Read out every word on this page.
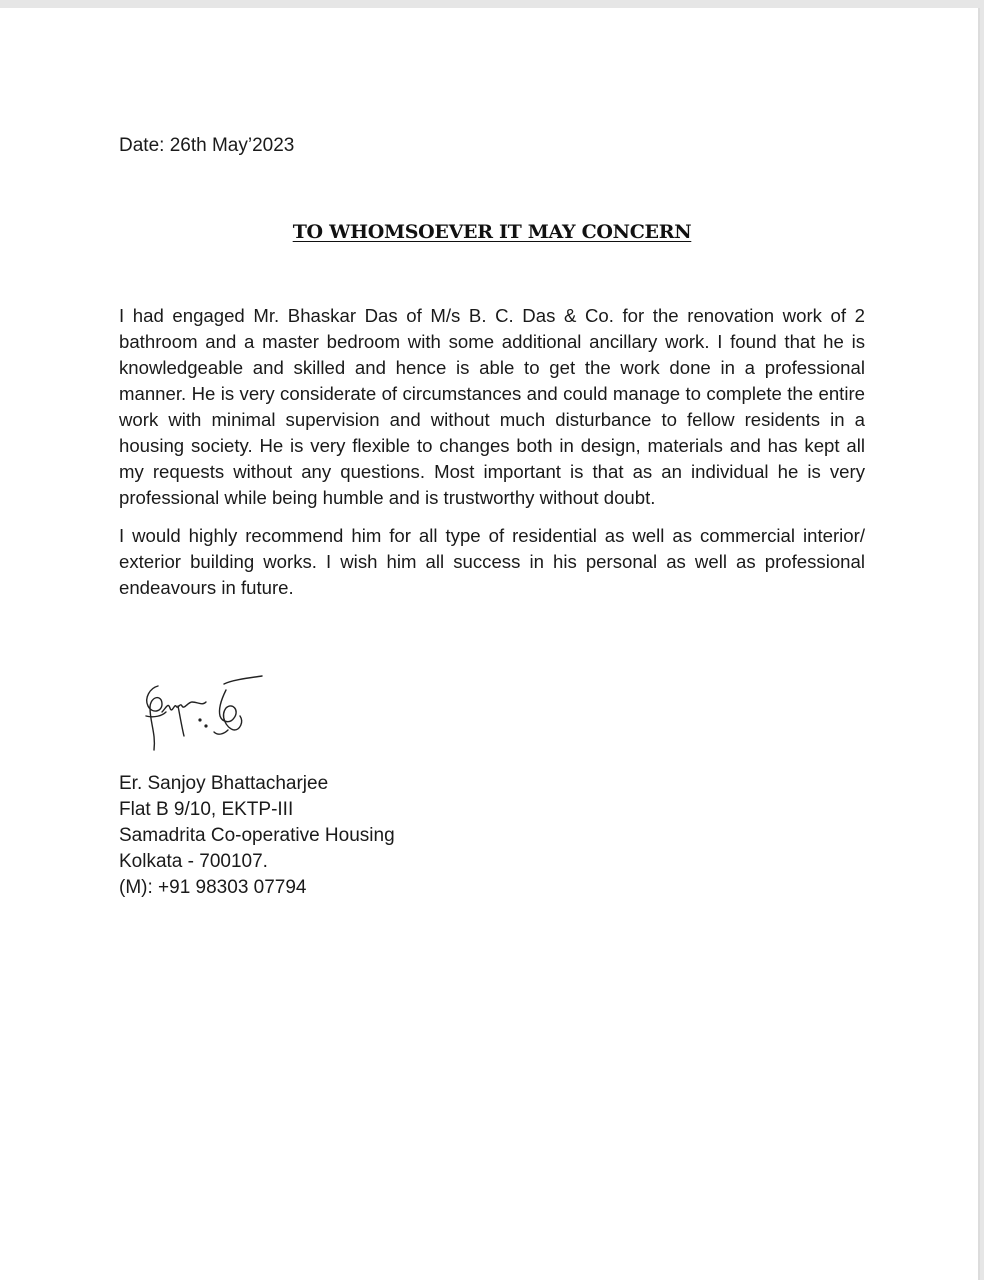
Date: 26th May’2023

TO WHOMSOEVER IT MAY CONCERN

I had engaged Mr. Bhaskar Das of M/s B. C. Das & Co. for the renovation work of 2 bathroom and a master bedroom with some additional ancillary work. I found that he is knowledgeable and skilled and hence is able to get the work done in a professional manner. He is very considerate of circumstances and could manage to complete the entire work with minimal supervision and without much disturbance to fellow residents in a housing society. He is very flexible to changes both in design, materials and has kept all my requests without any questions. Most important is that as an individual he is very professional while being humble and is trustworthy without doubt.

I would highly recommend him for all type of residential as well as commercial interior/ exterior building works. I wish him all success in his personal as well as professional endeavours in future.

Er. Sanjoy Bhattacharjee
Flat B 9/10, EKTP-III
Samadrita Co-operative Housing
Kolkata - 700107.
(M): +91 98303 07794
